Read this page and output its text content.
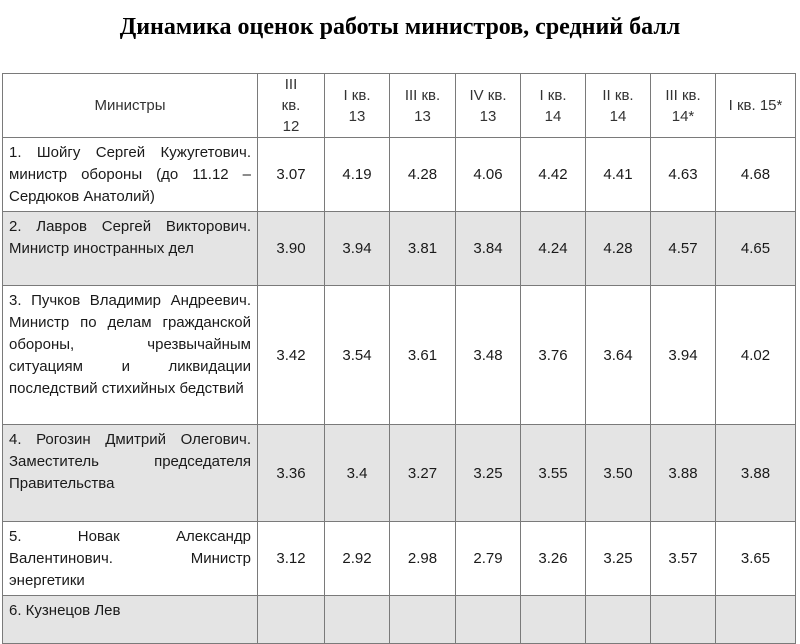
Динамика оценок работы министров, средний балл
Министры	III кв. 12	I кв. 13	III кв. 13	IV кв. 13	I кв. 14	II кв. 14	III кв. 14*	I кв. 15*
1. Шойгу Сергей Кужугетович. министр обороны (до 11.12 – Сердюков Анатолий)	3.07	4.19	4.28	4.06	4.42	4.41	4.63	4.68
2. Лавров Сергей Викторович. Министр иностранных дел	3.90	3.94	3.81	3.84	4.24	4.28	4.57	4.65
3. Пучков Владимир Андреевич. Министр по делам гражданской обороны, чрезвычайным ситуациям и ликвидации последствий стихийных бедствий	3.42	3.54	3.61	3.48	3.76	3.64	3.94	4.02
4. Рогозин Дмитрий Олегович. Заместитель председателя Правительства	3.36	3.4	3.27	3.25	3.55	3.50	3.88	3.88
5. Новак Александр Валентинович. Министр энергетики	3.12	2.92	2.98	2.79	3.26	3.25	3.57	3.65
6. Кузнецов Лев								
